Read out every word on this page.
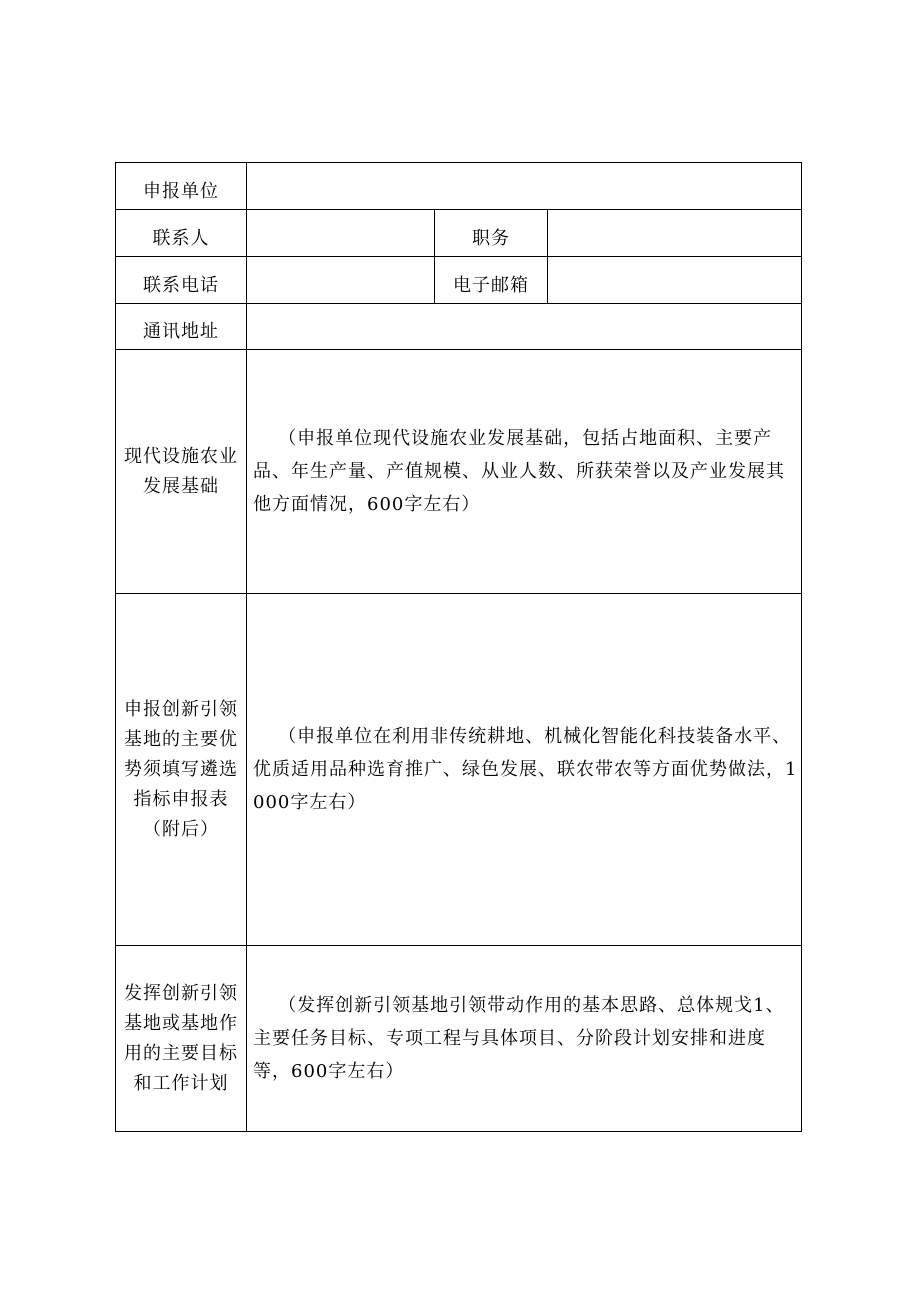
申报单位			
联系人		职务	
联系电话		电子邮箱	
通讯地址			

现代设施农业发展基础	（申报单位现代设施农业发展基础，包括占地面积、主要产品、年生产量、产值规模、从业人数、所获荣誉以及产业发展其他方面情况，600字左右）		

申报创新引领基地的主要优势须填写遴选指标申报表（附后）	（申报单位在利用非传统耕地、机械化智能化科技装备水平、优质适用品种选育推广、绿色发展、联农带农等方面优势做法，1000字左右）		

发挥创新引领基地或基地作用的主要目标和工作计划	（发挥创新引领基地引领带动作用的基本思路、总体规戈1、主要任务目标、专项工程与具体项目、分阶段计划安排和进度等，600字左右）		
